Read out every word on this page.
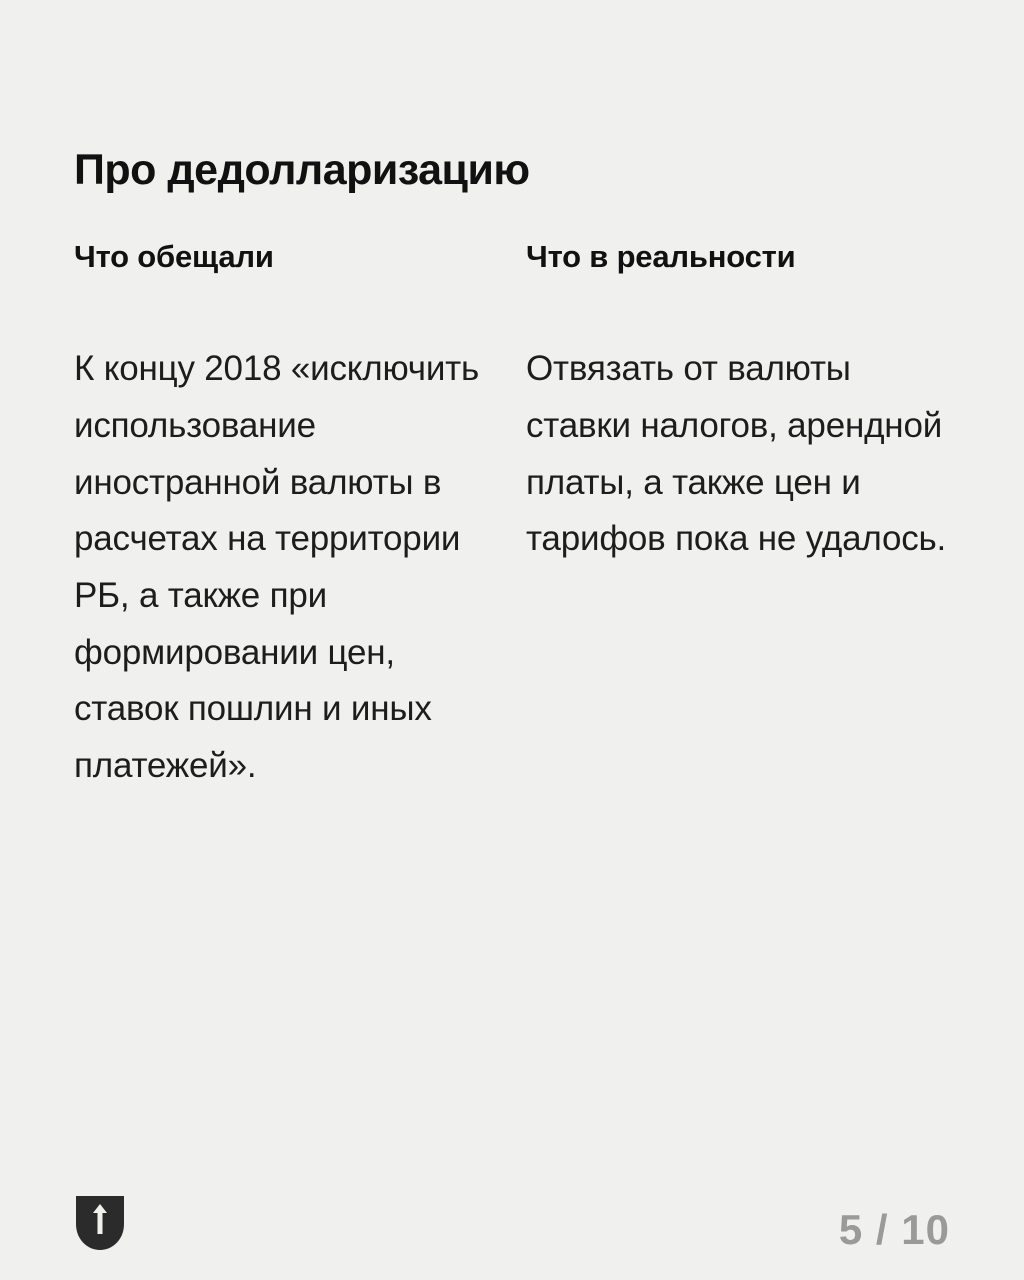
Про дедолларизацию
Что обещали
К концу 2018 «исключить использование иностранной валюты в расчетах на территории РБ, а также при формировании цен, ставок пошлин и иных платежей».
Что в реальности
Отвязать от валюты ставки налогов, арендной платы, а также цен и тарифов пока не удалось.
5 / 10
